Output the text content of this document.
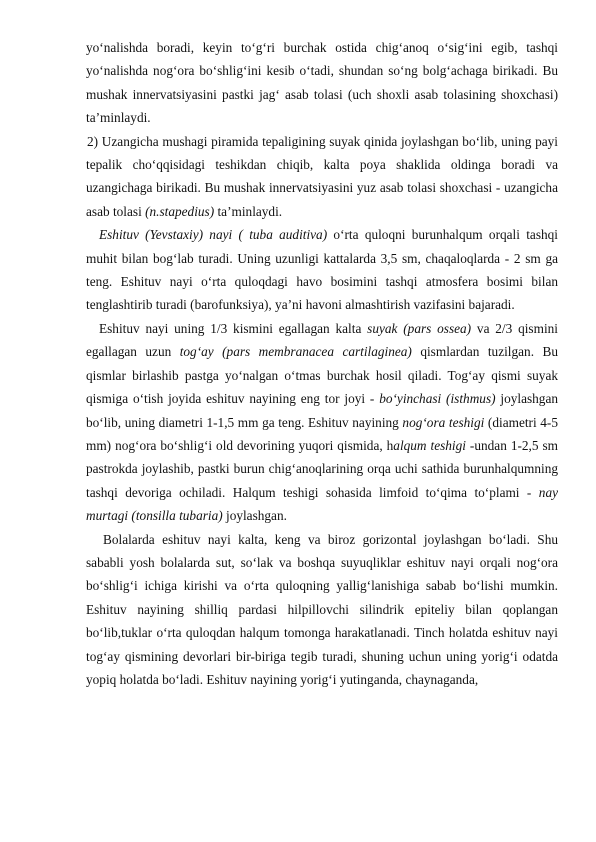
yo‘nalishda boradi, keyin to‘g‘ri burchak ostida chig‘anoq o‘sig‘ini egib, tashqi yo‘nalishda nog‘ora bo‘shlig‘ini kesib o‘tadi, shundan so‘ng bolg‘achaga birikadi. Bu mushak innervatsiyasini pastki jag‘ asab tolasi (uch shoxli asab tolasining shoxchasi) ta’minlaydi.

2) Uzangicha mushagi piramida tepaligining suyak qinida joylashgan bo‘lib, uning payi tepalik cho‘qqisidagi teshikdan chiqib, kalta poya shaklida oldinga boradi va uzangichaga birikadi. Bu mushak innervatsiyasini yuz asab tolasi shoxchasi - uzangicha asab tolasi (n.stapedius) ta’minlaydi.

Eshituv (Yevstaxiy) nayi ( tuba auditiva) o‘rta quloqni burunhalqum orqali tashqi muhit bilan bog‘lab turadi. Uning uzunligi kattalarda 3,5 sm, chaqaloqlarda - 2 sm ga teng. Eshituv nayi o‘rta quloqdagi havo bosimini tashqi atmosfera bosimi bilan tenglashtirib turadi (barofunksiya), ya’ni havoni almashtirish vazifasini bajaradi.

Eshituv nayi uning 1/3 kismini egallagan kalta suyak (pars ossea) va 2/3 qismini egallagan uzun tog‘ay (pars membranacea cartilaginea) qismlardan tuzilgan. Bu qismlar birlashib pastga yo‘nalgan o‘tmas burchak hosil qiladi. Tog‘ay qismi suyak qismiga o‘tish joyida eshituv nayining eng tor joyi - bo‘yinchasi (isthmus) joylashgan bo‘lib, uning diametri 1-1,5 mm ga teng. Eshituv nayining nog‘ora teshigi (diametri 4-5 mm) nog‘ora bo‘shlig‘i old devorining yuqori qismida, halqum teshigi -undan 1-2,5 sm pastrokda joylashib, pastki burun chig‘anoqlarining orqa uchi sathida burunhalqumning tashqi devoriga ochiladi. Halqum teshigi sohasida limfoid to‘qima to‘plami - nay murtagi (tonsilla tubaria) joylashgan.

Bolalarda eshituv nayi kalta, keng va biroz gorizontal joylashgan bo‘ladi. Shu sababli yosh bolalarda sut, so‘lak va boshqa suyuqliklar eshituv nayi orqali nog‘ora bo‘shlig‘i ichiga kirishi va o‘rta quloqning yallig‘lanishiga sabab bo‘lishi mumkin. Eshituv nayining shilliq pardasi hilpillovchi silindrik epiteliy bilan qoplangan bo‘lib,tuklar o‘rta quloqdan halqum tomonga harakatlanadi. Tinch holatda eshituv nayi tog‘ay qismining devorlari bir-biriga tegib turadi, shuning uchun uning yorig‘i odatda yopiq holatda bo‘ladi. Eshituv nayining yorig‘i yutinganda, chaynaganda,
